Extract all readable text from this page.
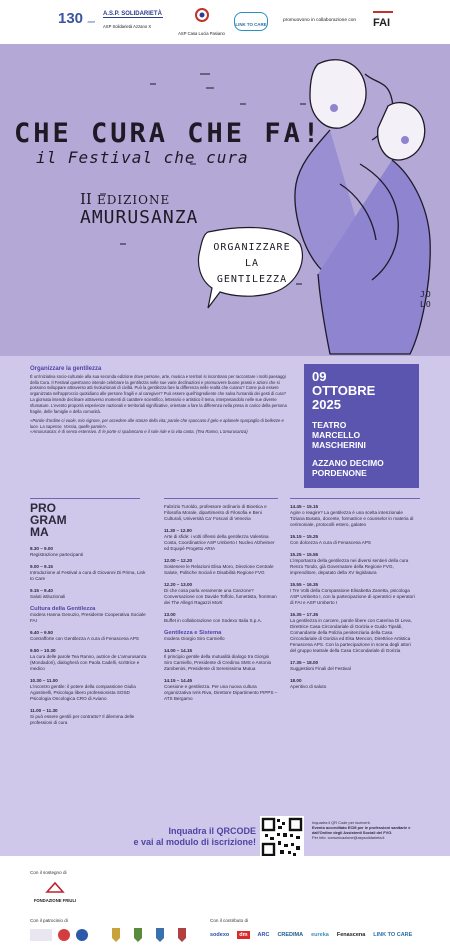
130 anni
A.S.P. SOLIDARIETÀ
ASP Solidarietà Azzano X
ASP Casa Lucia Pasiano
LINK TO CARE
promuovono in collaborazione con FAI
CHE CURA CHE FA!
il Festival che cura
II EDIZIONE
AMURUSANZA
ORGANIZZARE LA GENTILEZZA
JOLO
Organizzare la gentilezza
È un'iniziativa socio-culturale alla sua seconda edizione dove persone, arte, musica e territori si incontrano per raccontare i molti paesaggi della Cura. Il Festival quest'anno intende celebrare la gentilezza nelle sue varie declinazioni e promuovere buone prassi e azioni che si possono sviluppare attraverso atti rivoluzionari di civiltà. Può la gentilezza fare la differenza nelle realtà che curano? Come può essere organizzata nell'approccio quotidiano alle persone fragili e al caregiver? Può essere quell'ingrediente che salva l'umanità dei gesti di cura?
La giornata intende declinare attraverso momenti di carattere scientifico, letterario e artistico il tema, interpretandolo nelle sue diverse sfumature. L'evento proporrà esperienze nazionali e territoriali significative, orientate a fare la differenza nella presa in carico della persona fragile, delle famiglie e della comunità.
«Parole d'ordine ci vuole, mio signore, per accedere alle stanze della vita; parole che spaccano il gelo e aplanele sparpaglio di bellezze e luce. La sapesse, Vossia, quelle parole!».
«Amurusanza: è di senso estensivo. È le porte si spalancano e il sole ride e la vita canta. (Tea Ranno, L'amurusanza)
09
OTTOBRE
2025
TEATRO
MARCELLO
MASCHERINI
AZZANO DECIMO
PORDENONE
PRO
GRAM
MA
8.30 – 9.00
Registrazione partecipanti
9.00 – 9.15
Introduzione al Festival a cura di Giovanni Di Prima, Link to Care
9.15 – 9.40
Saluti istituzionali
Cultura della Gentilezza
modera Hanna Genuzio, Presidente Cooperativa Sociale FAI
9.40 – 9.50
Contrafforte con Gentilezza A cura di Fenascena APS
9.50 – 10.30
La cura delle parole Tea Ranno, autrice de L'amurusanza (Mondadori), dialogherà con Paola Cadelli, scrittrice e medico
10.30 – 11.00
L'incontro gentile: il potere della compassione Giulia Agostinelli, Psicologa libero professionista SOSD Psicologia Oncologica CRO di Aviano
11.00 – 11.30
Si può essere gentili per contratto? Il dilemma delle professioni di cura
Fabrizio Turoldo, professore ordinario di Bioetica e Filosofia Morale, dipartimento di Filosofia e Beni Culturali, Università Ca' Foscari di Venezia
11.30 – 12.00
Arte di sfide: i volti riflessi della gentilezza Valentina Costa, Coordinatrice ASP Umberto I Nucleo Alzheimer ed Equipé Progetto ARIA
12.00 – 12.20
Sostenere le Relazioni Elisa Moro, Direzione Centrale Salute, Politiche Sociali e Disabilità Regione FVG
12.20 – 13.00
Di che cosa parla veramente una Canzone? Conversazione con Davide Toffolo, fumettista, frontman dei The Allegri Ragazzi Morti
13.00
Buffet in collaborazione con Sodexo Italia S.p.A.
Gentilezza e Sistema
modera Giorgio Siro Carniello
14.00 – 14.15
Il principio gentile della mutualità dialogo tra Giorgio Siro Carniello, Presidente di Credima SMS e Antonio Zambenini, Presidente di Serenissima Mutua
14.15 – 14.45
Coesione e gentilezza. Per una nuova cultura organizzativa Ivris Riva, Direttore Dipartimento PIPPS – ATS Bergamo
14.45 – 15.15
Agire o reagire? La gentilezza è una scelta intenzionale Tiziana Busato, docente, formatrice e counselor in materia di cerimoniale, protocolli estero, galateo
15.15 – 15.25
Con dolcezza A cura di Fenascena APS
15.25 – 15.55
L'importanza della gentilezza nei diversi sentieri della cura Renzo Tondo, già Governatore della Regione FVG, imprenditore, deputato della XV legislatura
15.55 – 16.35
I Tre Volti della Compassione Elisabetta Zanetta, psicologa ASP Umberto I, con la partecipazione di operatrici e operatori di FAI e ASP Umberto I
16.35 – 17.35
La gentilezza in carcere, parole libere con Caterina Di Leva, Direttrice Casa Circondariale di Gorizia e Guido Tipaldi, Comandante della Polizia penitenziaria della Casa Circondariale di Gorizia ed Elsa Mencon, Direttrice Artistica Fenascena APS. Con la partecipazione in scena degli attori del gruppo teatrale della Casa Circondariale di Gorizia
17.35 – 18.00
Suggestioni Finali del Festival
18.00
Aperitivo di saluto
Inquadra il QRCODE
e vai al modulo di iscrizione!
Inquadra il QR Code per iscriverti.
Evento accreditato ECM per le professioni sanitarie e dall'Ordine degli Assistenti Sociali del FVG.
Per info: comunicazione@aspsolidarieta.it
Con il sostegno di
FONDAZIONE FRIULI
Con il patrocinio di	Con il contributo di
sodexo	dm	ARC CREDIMA eureka Fenascena LINK TO CARE
